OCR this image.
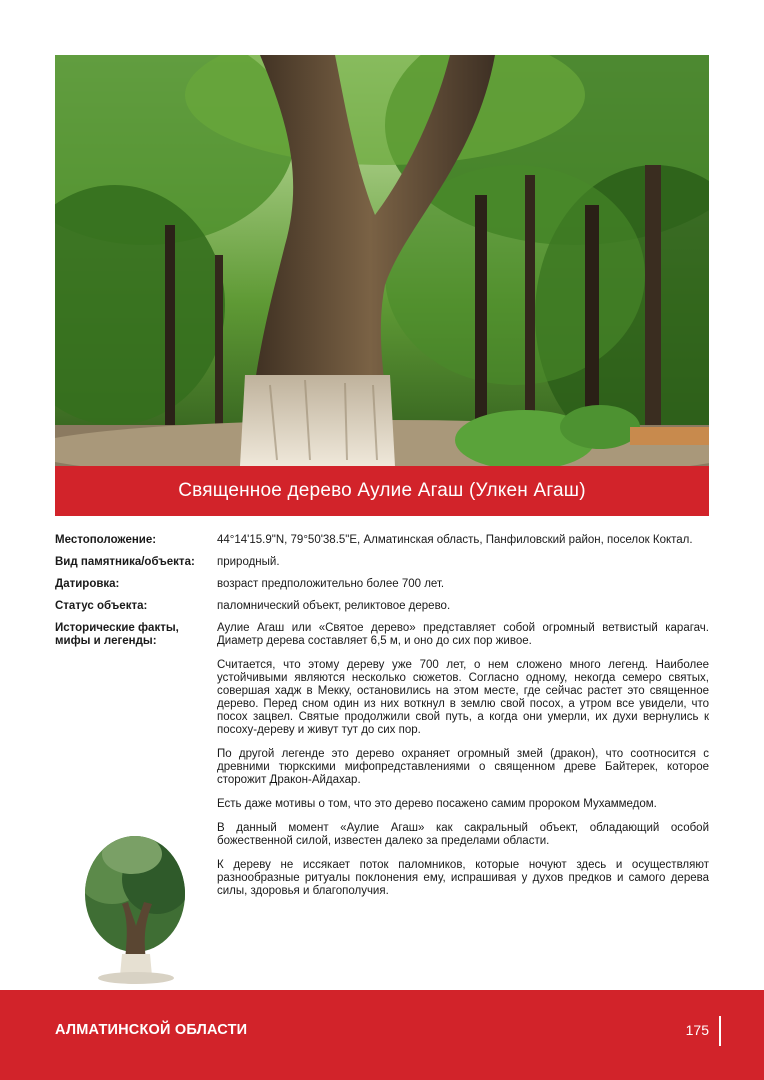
Священное дерево Аулие Агаш (Улкен Агаш)
Местоположение:	44°14'15.9"N, 79°50'38.5"E, Алматинская область, Панфиловский район, поселок Коктал.
Вид памятника/объекта:	природный.
Датировка:	возраст предположительно более 700 лет.
Статус объекта:	паломнический объект, реликтовое дерево.
Исторические факты, мифы и легенды:

Аулие Агаш или «Святое дерево» представляет собой огромный ветвистый карагач. Диаметр дерева составляет 6,5 м, и оно до сих пор живое.

Считается, что этому дереву уже 700 лет, о нем сложено много легенд. Наиболее устойчивыми являются несколько сюжетов. Согласно одному, некогда семеро святых, совершая хадж в Мекку, остановились на этом месте, где сейчас растет это священное дерево. Перед сном один из них воткнул в землю свой посох, а утром все увидели, что посох зацвел. Святые продолжили свой путь, а когда они умерли, их духи вернулись к посоху-дереву и живут тут до сих пор.

По другой легенде это дерево охраняет огромный змей (дракон), что соотносится с древними тюркскими мифопредставлениями о священном древе Байтерек, которое сторожит Дракон-Айдахар.

Есть даже мотивы о том, что это дерево посажено самим пророком Мухаммедом.

В данный момент «Аулие Агаш» как сакральный объект, обладающий особой божественной силой, известен далеко за пределами области.

К дереву не иссякает поток паломников, которые ночуют здесь и осуществляют разнообразные ритуалы поклонения ему, испрашивая у духов предков и самого дерева силы, здоровья и благополучия.

АЛМАТИНСКОЙ ОБЛАСТИ	175
